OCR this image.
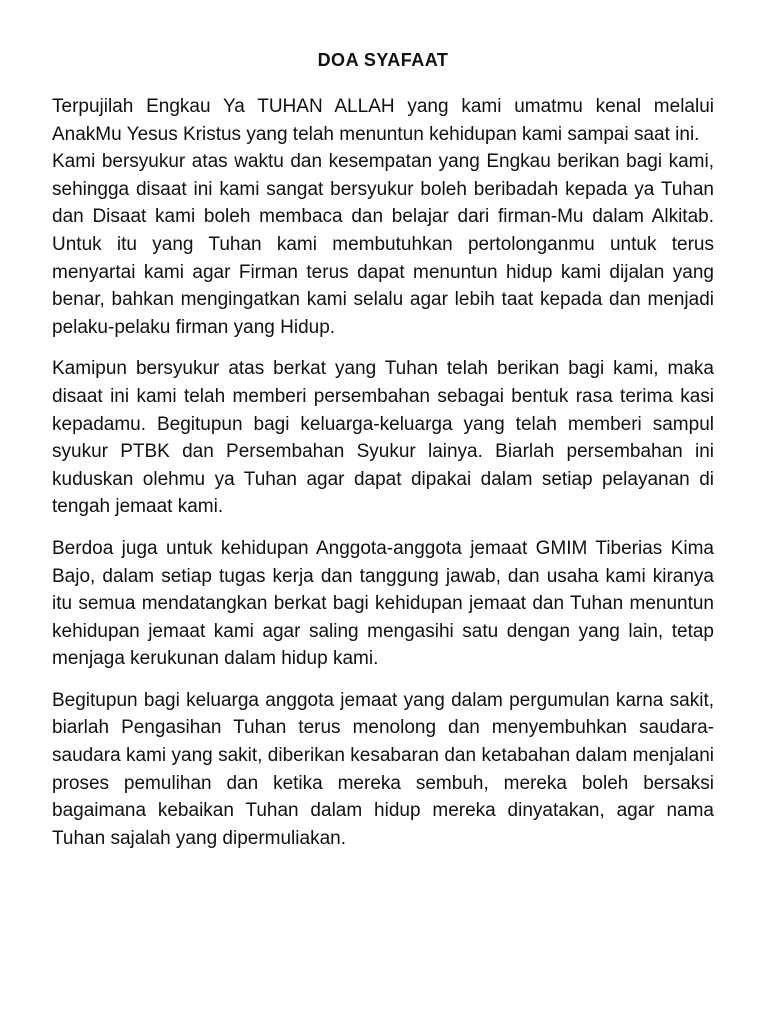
DOA SYAFAAT

Terpujilah Engkau Ya TUHAN ALLAH yang kami umatmu kenal melalui AnakMu Yesus Kristus yang telah menuntun kehidupan kami sampai saat ini.

Kami bersyukur atas waktu dan kesempatan yang Engkau berikan bagi kami, sehingga disaat ini kami sangat bersyukur boleh beribadah kepada ya Tuhan dan Disaat kami boleh membaca dan belajar dari firman-Mu dalam Alkitab. Untuk itu yang Tuhan kami membutuhkan pertolonganmu untuk terus menyartai kami agar Firman terus dapat menuntun hidup kami dijalan yang benar, bahkan mengingatkan kami selalu agar lebih taat kepada dan menjadi pelaku-pelaku firman yang Hidup.

Kamipun bersyukur atas berkat yang Tuhan telah berikan bagi kami, maka disaat ini kami telah memberi persembahan sebagai bentuk rasa terima kasi kepadamu. Begitupun bagi keluarga-keluarga yang telah memberi sampul syukur PTBK dan Persembahan Syukur lainya. Biarlah persembahan ini kuduskan olehmu ya Tuhan agar dapat dipakai dalam setiap pelayanan di tengah jemaat kami.

Berdoa juga untuk kehidupan Anggota-anggota jemaat GMIM Tiberias Kima Bajo, dalam setiap tugas kerja dan tanggung jawab, dan usaha kami kiranya itu semua mendatangkan berkat bagi kehidupan jemaat dan Tuhan menuntun kehidupan jemaat kami agar saling mengasihi satu dengan yang lain, tetap menjaga kerukunan dalam hidup kami.

Begitupun bagi keluarga anggota jemaat yang dalam pergumulan karna sakit, biarlah Pengasihan Tuhan terus menolong dan menyembuhkan saudara-saudara kami yang sakit, diberikan kesabaran dan ketabahan dalam menjalani proses pemulihan dan ketika mereka sembuh, mereka boleh bersaksi bagaimana kebaikan Tuhan dalam hidup mereka dinyatakan, agar nama Tuhan sajalah yang dipermuliakan.
